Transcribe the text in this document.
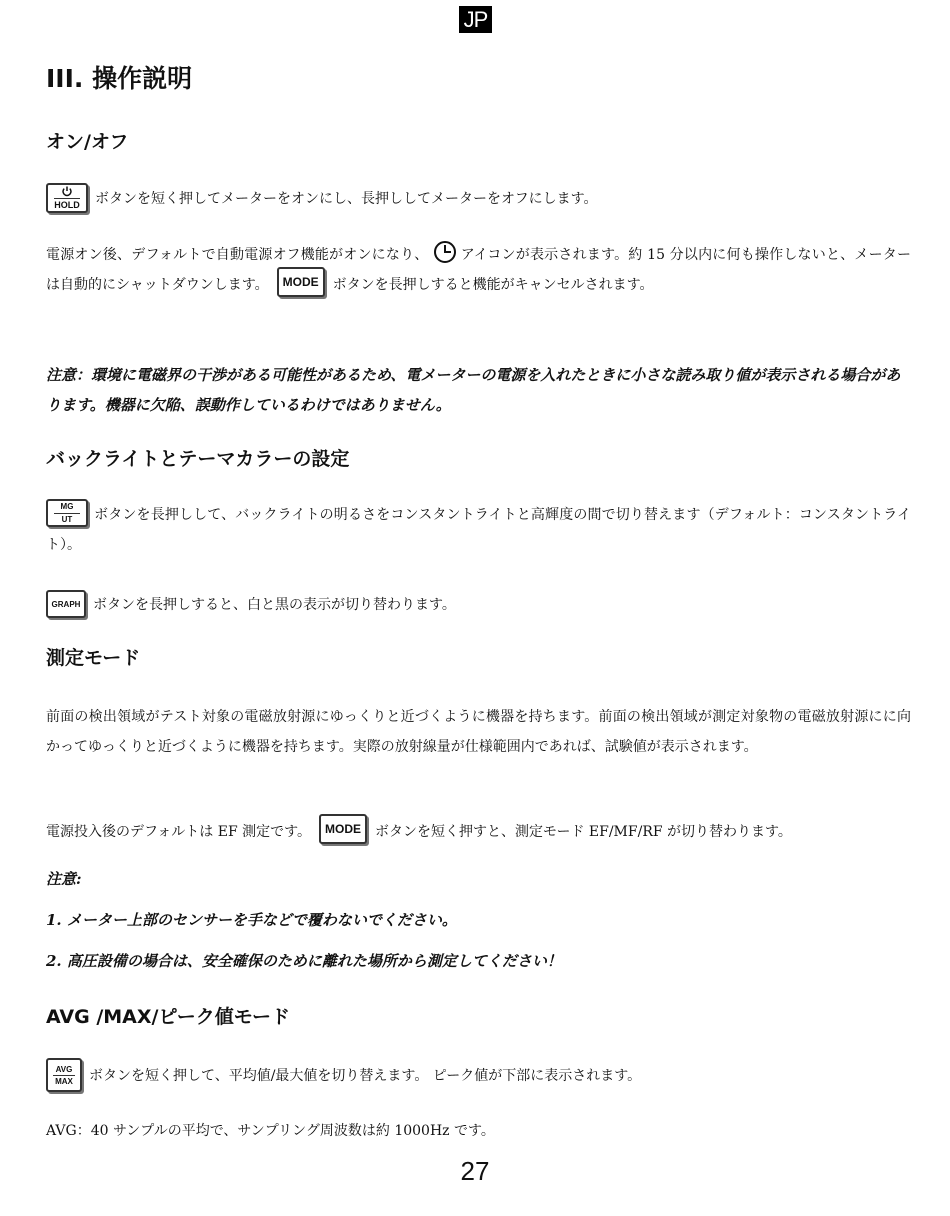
JP
III. 操作説明
オン/オフ
HOLD ボタンを短く押してメーターをオンにし、長押ししてメーターをオフにします。
電源オン後、デフォルトで自動電源オフ機能がオンになり、 アイコンが表示されます。約 15 分以内に何も操作しないと、メーターは自動的にシャットダウンします。 MODE ボタンを長押しすると機能がキャンセルされます。
注意：環境に電磁界の干渉がある可能性があるため、電メーターの電源を入れたときに小さな読み取り値が表示される場合があります。機器に欠陥、誤動作しているわけではありません。
バックライトとテーマカラーの設定
$\frac{MG}{UT}$ ボタンを長押しして、バックライトの明るさをコンスタントライトと高輝度の間で切り替えます（デフォルト：コンスタントライト）。
GRAPH ボタンを長押しすると、白と黒の表示が切り替わります。
測定モード
前面の検出領域がテスト対象の電磁放射源にゆっくりと近づくように機器を持ちます。前面の検出領域が測定対象物の電磁放射源にに向かってゆっくりと近づくように機器を持ちます。実際の放射線量が仕様範囲内であれば、試験値が表示されます。
電源投入後のデフォルトは EF 測定です。 MODE ボタンを短く押すと、測定モード EF/MF/RF が切り替わります。
注意:
1. メーター上部のセンサーを手などで覆わないでください。
2. 高圧設備の場合は、安全確保のために離れた場所から測定してください！
AVG /MAX/ピーク値モード
AVG
MAX ボタンを短く押して、平均値/最大値を切り替えます。 ピーク値が下部に表示されます。
AVG：40 サンプルの平均で、サンプリング周波数は約 1000Hz です。
27
